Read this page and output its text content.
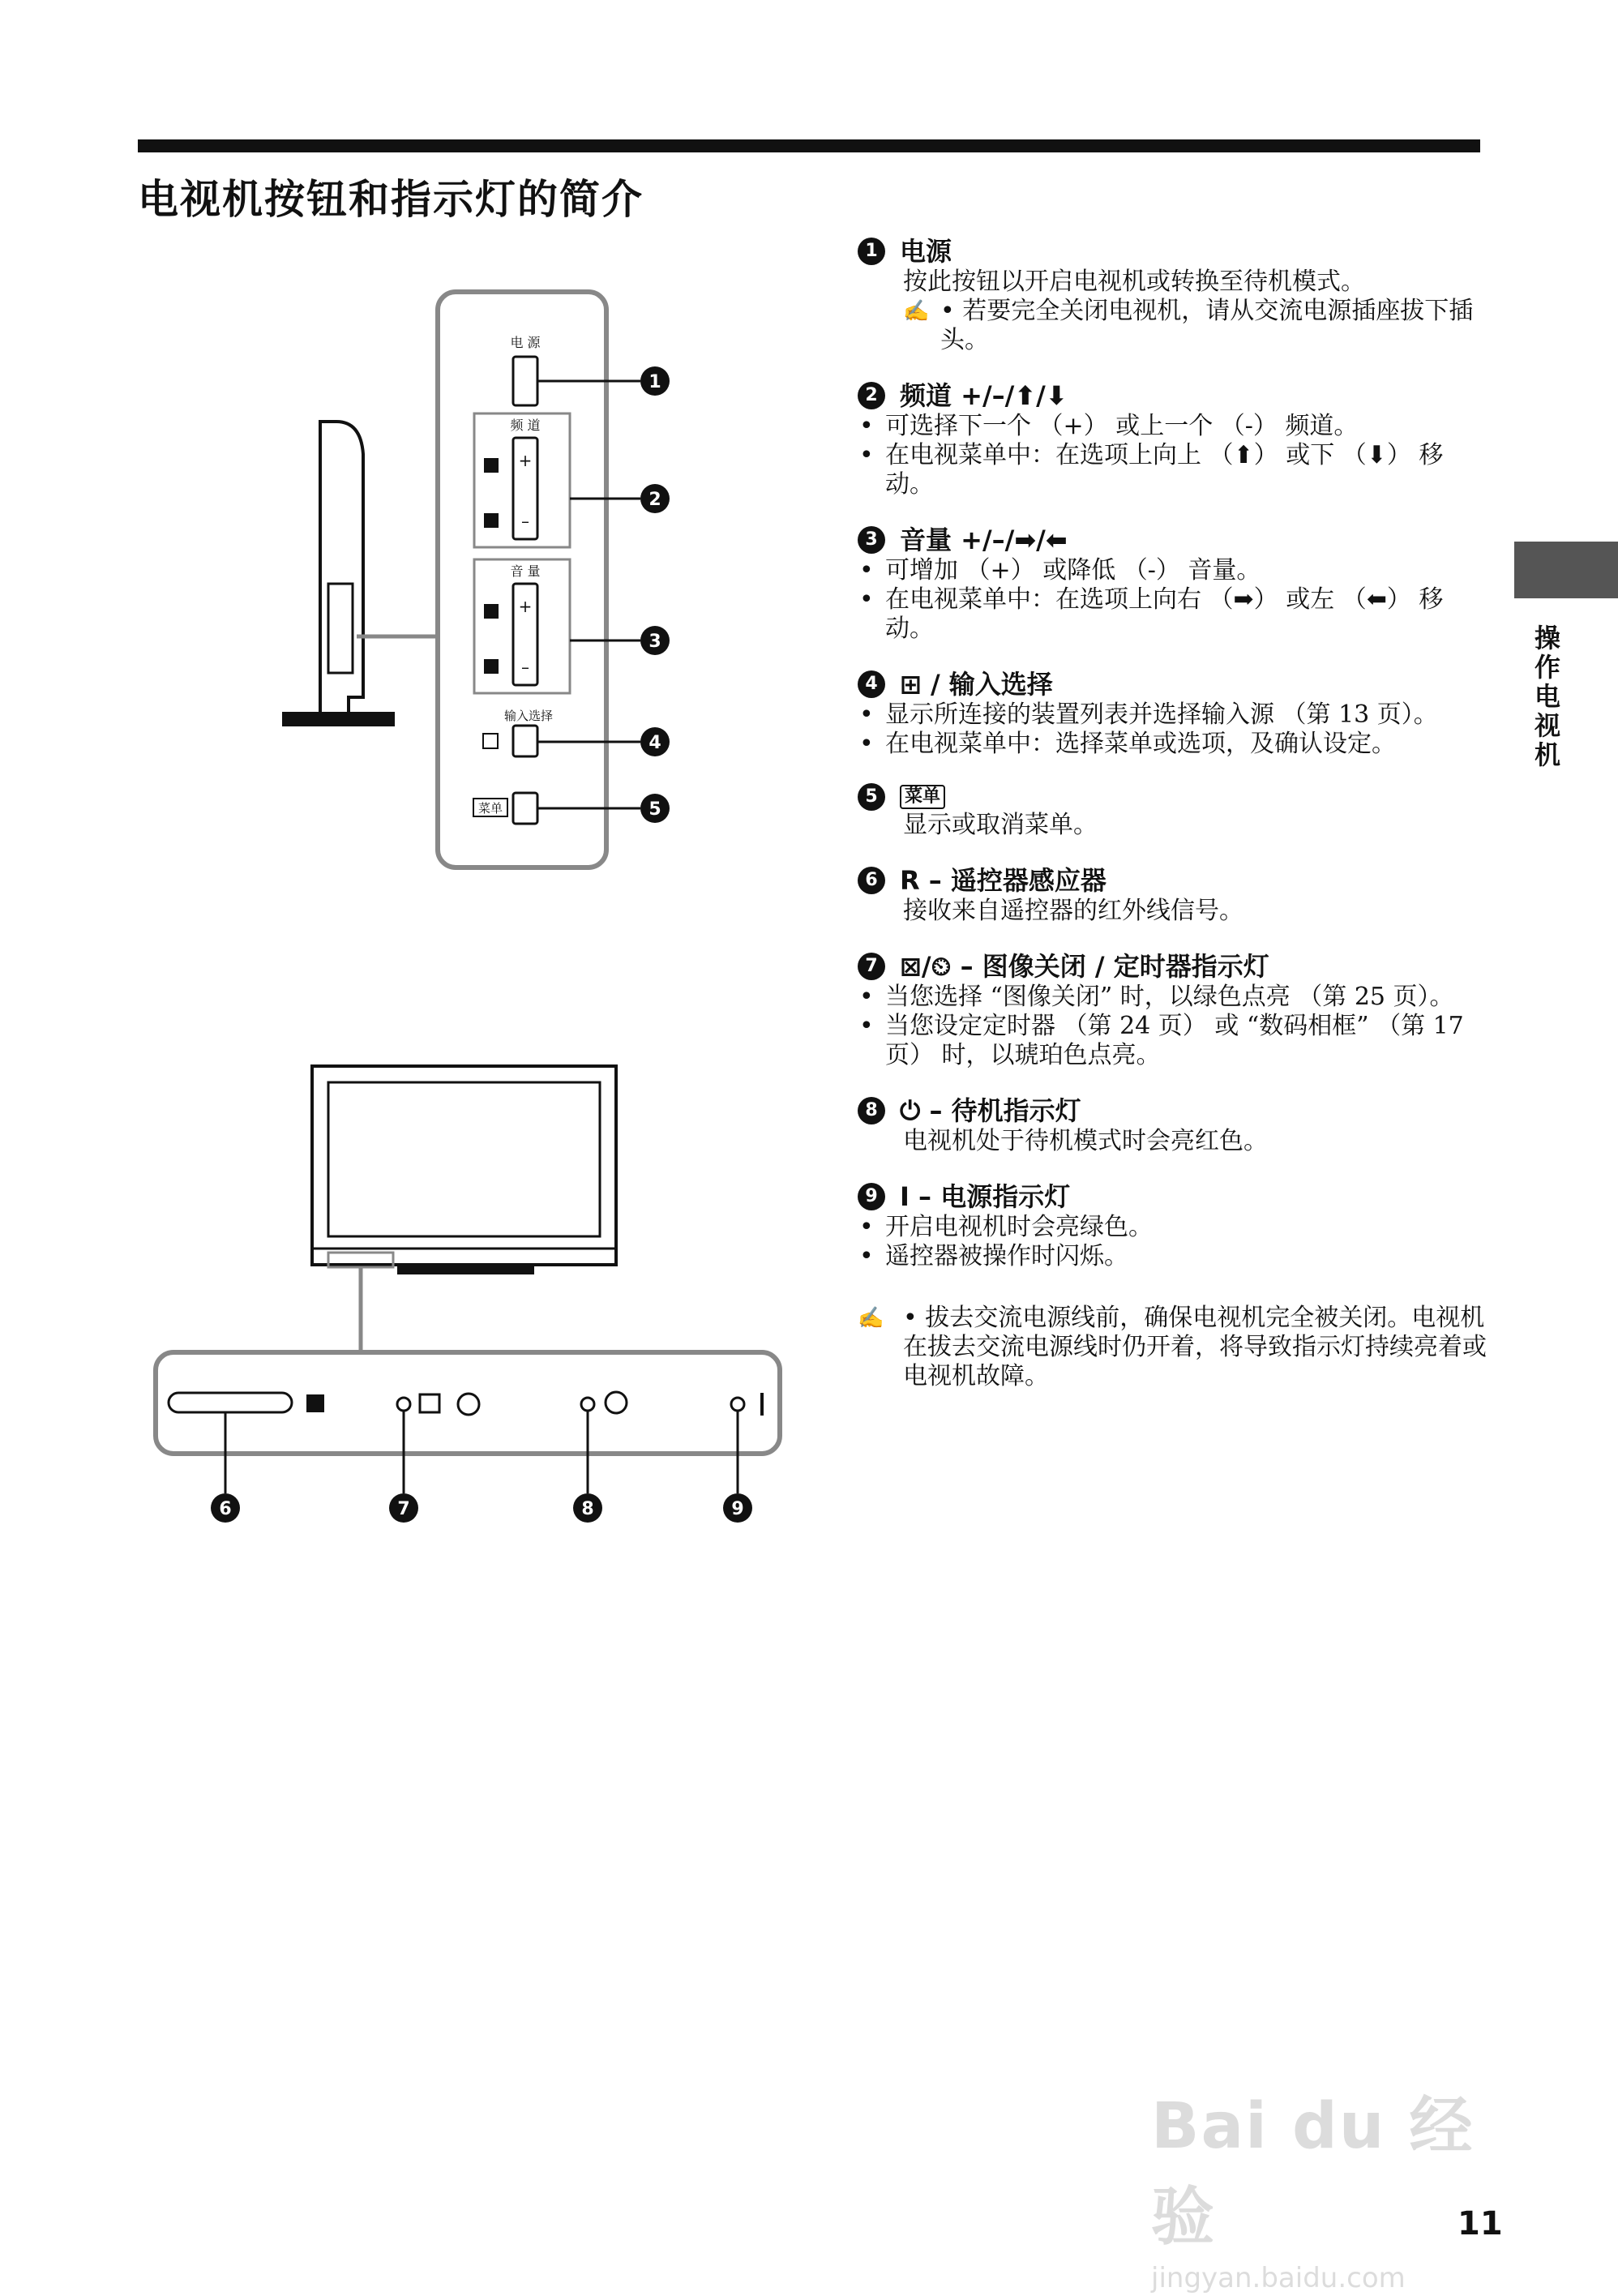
电视机按钮和指示灯的简介
电 源
频 道
+
–
音 量
+
–
输入选择
菜单
1
2
3
4
5
6	7	8	9
1 电源
按此按钮以开启电视机或转换至待机模式。
✍ • 若要完全关闭电视机，请从交流电源插座拔下插头。
2 频道 +/–/⬆/⬇
• 可选择下一个 （+） 或上一个 （-） 频道。
• 在电视菜单中：在选项上向上 （⬆） 或下 （⬇） 移动。
3 音量 +/–/➡/⬅
• 可增加 （+） 或降低 （-） 音量。
• 在电视菜单中：在选项上向右 （➡） 或左 （⬅） 移动。
4 ⊞ / 输入选择
• 显示所连接的装置列表并选择输入源 （第 13 页）。
• 在电视菜单中：选择菜单或选项，及确认设定。
5	菜单
显示或取消菜单。
6 R – 遥控器感应器
接收来自遥控器的红外线信号。
7 ⊠/⏲ – 图像关闭 / 定时器指示灯
• 当您选择 “图像关闭” 时，以绿色点亮 （第 25 页）。
• 当您设定定时器 （第 24 页） 或 “数码相框” （第 17 页） 时，以琥珀色点亮。
8 ⏻ – 待机指示灯
电视机处于待机模式时会亮红色。
9 I – 电源指示灯
• 开启电视机时会亮绿色。
• 遥控器被操作时闪烁。
✍ • 拔去交流电源线前，确保电视机完全被关闭。电视机在拔去交流电源线时仍开着，将导致指示灯持续亮着或电视机故障。
操作电视机
Bai du 经验
jingyan.baidu.com
11
